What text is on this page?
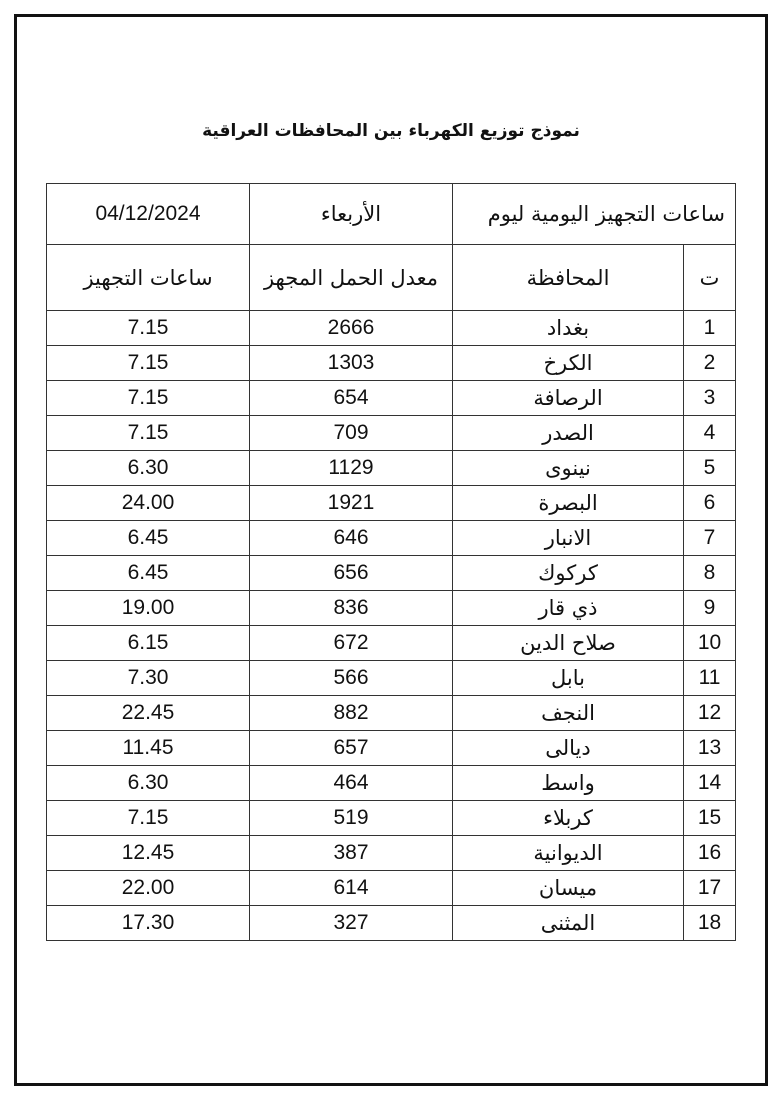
نموذج توزيع الكهرباء بين المحافظات العراقية
04/12/2024	الأربعاء	ساعات التجهيز اليومية ليوم	
ساعات التجهيز	معدل الحمل المجهز	المحافظة	ت
7.15	2666	بغداد	1
7.15	1303	الكرخ	2
7.15	654	الرصافة	3
7.15	709	الصدر	4
6.30	1129	نينوى	5
24.00	1921	البصرة	6
6.45	646	الانبار	7
6.45	656	كركوك	8
19.00	836	ذي قار	9
6.15	672	صلاح الدين	10
7.30	566	بابل	11
22.45	882	النجف	12
11.45	657	ديالى	13
6.30	464	واسط	14
7.15	519	كربلاء	15
12.45	387	الديوانية	16
22.00	614	ميسان	17
17.30	327	المثنى	18
